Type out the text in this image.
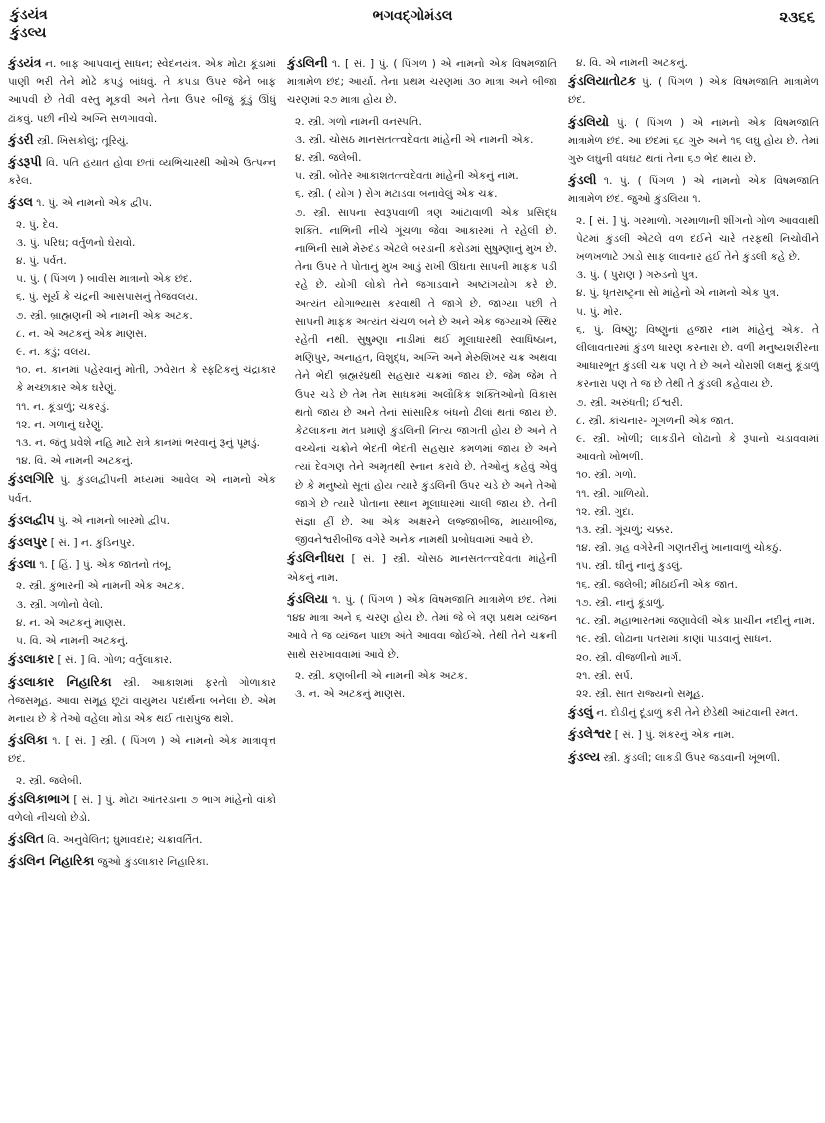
કુંડયંત્ર
કુંડલ્ય
ભગવદ્ગોમંડલ	૨૩૬૬

કુંડયંત્ર ન. બાફ આપવાનું સાધન; સ્વેદનયંત્ર. એક મોટા કૂંડામાં પાણી ભરી તેને મોઢે કપડું બાંધવું. તે કપડા ઉપર જેને બાફ આપવી છે તેવી વસ્તુ મૂકવી અને તેના ઉપર બીજું કૂંડું ઊંધું ઢાંકવું. પછી નીચે અગ્નિ સળગાવવો.

કુંડરી સ્ત્રી. ખિસકોલું; તૂરિયું.

કુંડરૂપી વિ. પતિ હયાત હોવા છતાં વ્યભિચારથી ઓએ ઉત્પન્ન કરેલ.

કુંડલ ૧. પું. એ નામનો એક દ્વીપ.

૨. પું. દેવ.

૩. પું. પરિઘ; વર્તુળનો ઘેરાવો.

૪. પું. પર્વત.

૫. પું. ( પિંગળ ) બાવીસ માત્રાનો એક છંદ.

૬. પું. સૂર્ય કે ચંદ્રની આસપાસનું તેજવલય.

૭. સ્ત્રી. બ્રાહ્મણની એ નામની એક અટક.

૮. ન. એ અટકનું એક માણસ.

૯. ન. કડું; વલય.

૧૦. ન. કાનમાં પહેરવાનું મોતી, ઝવેરાત કે સ્ફટિકનું ચંદ્રાકાર કે મચ્છાકાર એક ઘરેણું.

૧૧. ન. કૂંડાળું; ચકરડું.

૧૨. ન. ગળાનું ઘરેણું.

૧૩. ન. જંતુ પ્રવેશે નહિ માટે રાત્રે કાનમાં ભરવાનું રૂનું પૂમડું.

૧૪. વિ. એ નામની અટકનું.

કુંડલગિરિ પું. કુંડલદ્વીપની મધ્યમાં આવેલ એ નામનો એક પર્વત.

કુંડલદ્વીપ પું. એ નામનો બારમો દ્વીપ.

કુંડલપુર [ સં. ] ન. કુંડિનપુર.

કુંડલા ૧. [ હિં. ] પું. એક જાતનો તંબૂ.

૨. સ્ત્રી. કુંભારની એ નામની એક અટક.

૩. સ્ત્રી. ગળોનો વેલો.

૪. ન. એ અટકનું માણસ.

૫. વિ. એ નામની અટકનું.

કુંડલાકાર [ સં. ] વિ. ગોળ; વર્તુલાકાર.

કુંડલાકાર નિહારિકા સ્ત્રી. આકાશમાં ફરતો ગોળાકાર તેજસમૂહ. આવા સમૂહ છૂટાં વાયુમય પદાર્થના બનેલા છે. એમ મનાય છે કે તેઓ વહેલા મોડા એક થઈ તારાપુંજ થશે.

કુંડલિકા ૧. [ સં. ] સ્ત્રી. ( પિંગળ ) એ નામનો એક માત્રાવૃત્ત છંદ.

૨. સ્ત્રી. જલેબી.

કુંડલિકાભાગ [ સં. ] પું. મોટા આંતરડાના ૭ ભાગ માંહેનો વાંકો વળેલો નીચલો છેડો.

કુંડલિત વિ. અનુવેલિત; ઘુમાવદાર; ચક્રાવર્તિત.

કુંડલિન નિહારિકા જુઓ કુંડલાકાર નિહારિકા.

કુંડલિની ૧. [ સં. ] પું. ( પિંગળ ) એ નામનો એક વિષમજાતિ માત્રામેળ છંદ; આર્યા. તેના પ્રથમ ચરણમાં ૩૦ માત્રા અને બીજા ચરણમાં ૨૭ માત્રા હોય છે.

૨. સ્ત્રી. ગળો નામની વનસ્પતિ.

૩. સ્ત્રી. ચોસઠ માનસતત્ત્વદેવતા માંહેની એ નામની એક.

૪. સ્ત્રી. જલેબી.

૫. સ્ત્રી. બોંતેર આકાશતત્ત્વદેવતા માંહેની એકનું નામ.

૬. સ્ત્રી. ( યોગ ) રોગ મટાડવા બનાવેલું એક ચક્ર.

૭. સ્ત્રી. સાપના સ્વરૂપવાળી ત્રણ આંટાવાળી એક પ્રસિદ્ધ શક્તિ. નાભિની નીચે ગૂંચળા જેવા આકારમાં તે રહેલી છે. નાભિની સામે મેરુદંડ એટલે બરડાની કરોડમાં સુષુમ્ણાનું મુખ છે. તેના ઉપર તે પોતાનું મુખ આડું રાખી ઊંઘતા સાપની માફક પડી રહે છે. યોગી લોકો તેને જગાડવાને અષ્ટાંગયોગ કરે છે. અત્યંત યોગાભ્યાસ કરવાથી તે જાગે છે. જાગ્યા પછી તે સાપની માફક અત્યંત ચંચળ બને છે અને એક જગ્યાએ સ્થિર રહેતી નથી. સુષુમ્ણા નાડીમાં થઈ મૂલાધારથી સ્વાધિષ્ઠાન, મણિપુર, અનાહત, વિશુદ્ધ, અગ્નિ અને મેરુશિખર ચક્ર અથવા તેને ભેદી બ્રહ્મરંધ્રથી સહસ્રાર ચક્રમાં જાય છે. જેમ જેમ તે ઉપર ચડે છે તેમ તેમ સાધકમાં અલૌકિક શક્તિઓનો વિકાસ થતો જાય છે અને તેનાં સાંસારિક બંધનો ઢીલાં થતાં જાય છે. કેટલાકના મત પ્રમાણે કુંડલિની નિત્ય જાગતી હોય છે અને તે વચ્ચેનાં ચક્રોને ભેદતી ભેદતી સહસ્રાર કમળમાં જાય છે અને ત્યાં દેવગણ તેને અમૃતથી સ્નાન કરાવે છે. તેઓનું કહેવું એવું છે કે મનુષ્યો સૂતાં હોય ત્યારે કુંડલિની ઉપર ચડે છે અને તેઓ જાગે છે ત્યારે પોતાના સ્થાન મૂલાધારમાં ચાલી જાય છે. તેની સંજ્ઞા હ્રીં છે. આ એક અક્ષરને લજ્જાબીજ, માયાબીજ, જીવનેશ્વરીબીજ વગેરે અનેક નામથી પ્રબોધવામાં આવે છે.

કુંડલિનીધરા [ સં. ] સ્ત્રી. ચોસઠ માનસતત્ત્વદેવતા માંહેની એકનું નામ.

કુંડલિયા ૧. પું. ( પિંગળ ) એક વિષમજાતિ માત્રામેળ છંદ. તેમાં ૧૪૪ માત્રા અને ૬ ચરણ હોય છે. તેમાં જે બે ત્રણ પ્રથમ વ્યંજન આવે તે જ વ્યંજન પાછા અંતે આવવા જોઈએ. તેથી તેને ચક્રની સાથે સરખાવવામાં આવે છે.

૨. સ્ત્રી. કણબીની એ નામની એક અટક.

૩. ન. એ અટકનું માણસ.

૪. વિ. એ નામની અટકનું.

કુંડલિયાતોટક પું. ( પિંગળ ) એક વિષમજાતિ માત્રામેળ છંદ.

કુંડલિયો પું. ( પિંગળ ) એ નામનો એક વિષમજાતિ માત્રામેળ છંદ. આ છંદમાં ૬૮ ગુરુ અને ૧૬ લઘુ હોય છે. તેમાં ગુરુ લઘુની વધઘટ થતાં તેના ૬૭ ભેદ થાય છે.

કુંડલી ૧. પું. ( પિંગળ ) એ નામનો એક વિષમજાતિ માત્રામેળ છંદ. જુઓ કુંડલિયા ૧.

૨. [ સં. ] પું. ગરમાળો. ગરમાળાની શીંગનો ગોળ આવવાથી પેટમાં કુંડલી એટલે વળ દઈને ચારે તરફથી નિચોવીને ખળખળાટે ઝાડો સાફ લાવનાર હઈ તેને કુંડલી કહે છે.

૩. પું. ( પુરાણ ) ગરુડનો પુત્ર.

૪. પું. ધૃતરાષ્ટ્રના સો માંહેનો એ નામનો એક પુત્ર.

૫. પું. મોર.

૬. પું. વિષ્ણુ; વિષ્ણુનાં હજાર નામ માંહેનું એક. તે લીલાવતારમાં કુંડળ ધારણ કરનારા છે. વળી મનુષ્યશરીરના આધારભૂત કુંડલી ચક્ર પણ તે છે અને ચોરાશી લક્ષનું કૂંડાળું કરનારા પણ તે જ છે તેથી તે કુંડલી કહેવાય છે.

૭. સ્ત્રી. અરુંધતી; ઈશ્વરી.

૮. સ્ત્રી. કાંચનાર- ગૂગળની એક જાત.

૯. સ્ત્રી. ખોળી; લાકડીને લોઢાનો કે રૂપાનો ચડાવવામાં આવતો ખોભળી.

૧૦. સ્ત્રી. ગળો.

૧૧. સ્ત્રી. ગાળિયો.

૧૨. સ્ત્રી. ગુદા.

૧૩. સ્ત્રી. ગૂંચળું; ચક્કર.

૧૪. સ્ત્રી. ગ્રહ વગેરેની ગણતરીનું ખાનાવાળું ચોકઠું.

૧૫. સ્ત્રી. ઘીનું નાનું કુડલું.

૧૬. સ્ત્રી. જલેબી; મીઠાઈની એક જાત.

૧૭. સ્ત્રી. નાનું કૂંડાળું.

૧૮. સ્ત્રી. મહાભારતમાં જણાવેલી એક પ્રાચીન નદીનું નામ.

૧૯. સ્ત્રી. લોઢાના પતરામાં કાણાં પાડવાનું સાધન.

૨૦. સ્ત્રી. વીજળીનો માર્ગ.

૨૧. સ્ત્રી. સર્પ.

૨૨. સ્ત્રી. સાત રાજ્યનો સમૂહ.

કુંડલું ન. દોડીનું દૂંડાળું કરી તેને છેડેથી આંટવાની રમત.

કુંડલેશ્વર [ સં. ] પું. શંકરનું એક નામ.

કુંડલ્ય સ્ત્રી. કુંડલી; લાકડી ઉપર જડવાની ખૂંભળી.
